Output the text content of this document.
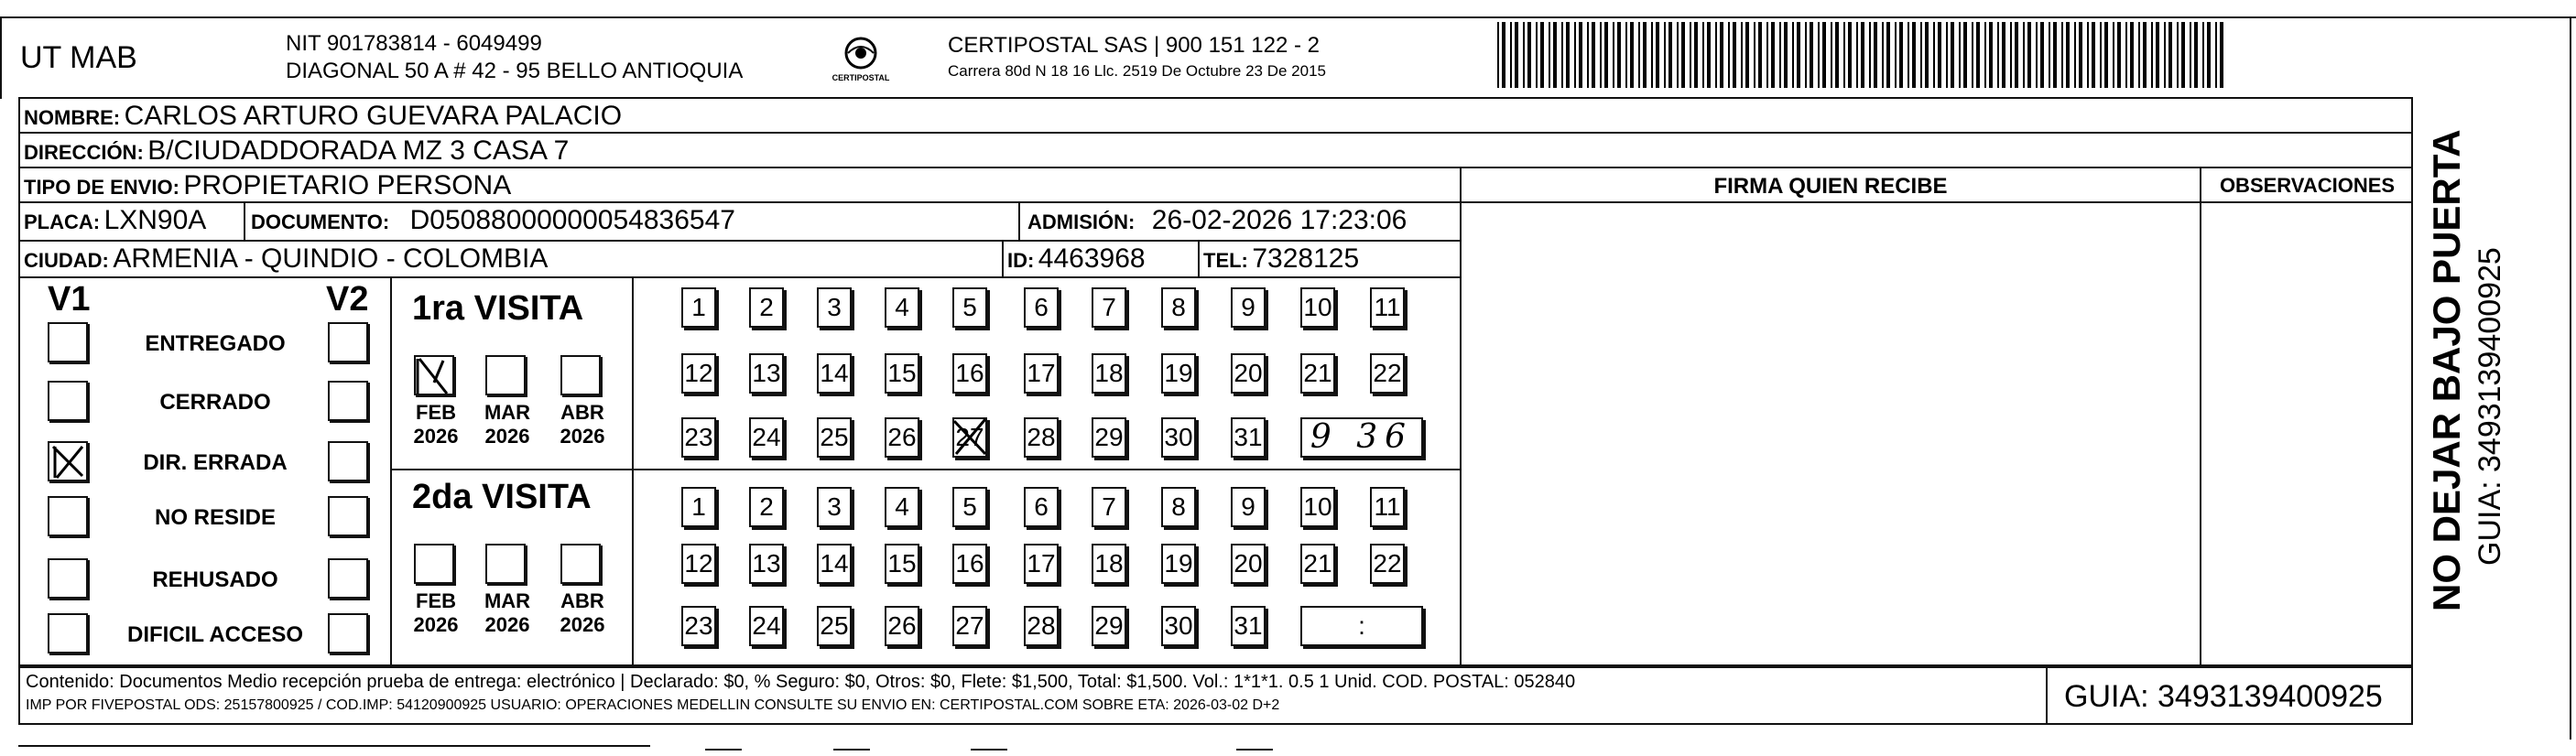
UT MAB	NIT 901783814 - 6049499
DIAGONAL 50 A # 42 - 95 BELLO ANTIOQUIA	CERTIPOSTAL
CERTIPOSTAL SAS | 900 151 122 - 2
Carrera 80d N 18 16 Llc. 2519 De Octubre 23 De 2015
NOMBRE: CARLOS ARTURO GUEVARA PALACIO
DIRECCIÓN: B/CIUDADDORADA MZ 3 CASA 7
TIPO DE ENVIO: PROPIETARIO PERSONA	FIRMA QUIEN RECIBE	OBSERVACIONES
PLACA: LXN90A DOCUMENTO: D05088000000054836547	ADMISIÓN: 26-02-2026 17:23:06
CIUDAD: ARMENIA - QUINDIO - COLOMBIA	ID: 4463968	TEL: 7328125
V1	V2
ENTREGADO
CERRADO
DIR. ERRADA
NO RESIDE
REHUSADO
DIFICIL ACCESO
1ra VISITA
2da VISITA
FEB
2026
MAR
2026
ABR
2026
FEB
2026
MAR
2026
ABR
2026
1	2	3	4	5	6	7	8	9	10 11
12 13 14 15 16 17 18 19 20 21 22
23 24 25 26 27 28 29 30 31	9 36
1	2	3	4	5	6	7	8	9	10 11
12 13 14 15 16 17 18 19 20 21 22
23 24 25 26 27 28 29 30 31	:
Contenido: Documentos Medio recepción prueba de entrega: electrónico | Declarado: $0, % Seguro: $0, Otros: $0, Flete: $1,500, Total: $1,500. Vol.: 1*1*1. 0.5 1 Unid. COD. POSTAL: 052840
IMP POR FIVEPOSTAL ODS: 25157800925 / COD.IMP: 54120900925 USUARIO: OPERACIONES MEDELLIN CONSULTE SU ENVIO EN: CERTIPOSTAL.COM SOBRE ETA: 2026-03-02 D+2	GUIA: 3493139400925
NO DEJAR BAJO PUERTA GUIA: 3493139400925
